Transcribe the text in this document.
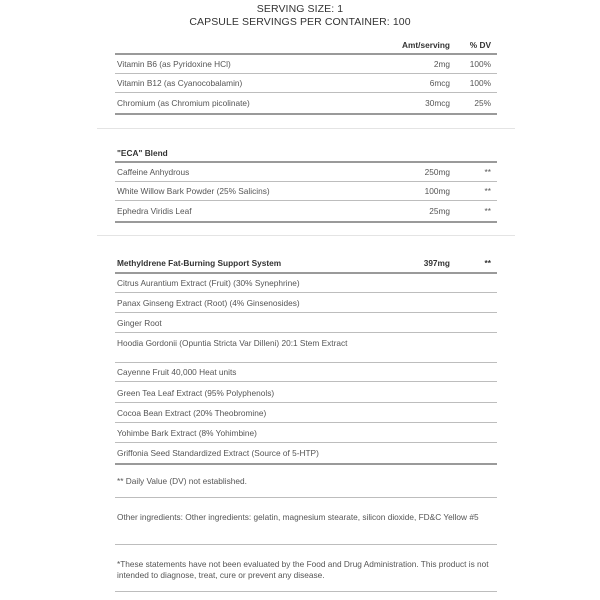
SERVING SIZE: 1
CAPSULE SERVINGS PER CONTAINER: 100
Amt/serving % DV
Vitamin B6 (as Pyridoxine HCl)	2mg 100%
Vitamin B12 (as Cyanocobalamin)	6mcg 100%
Chromium (as Chromium picolinate)	30mcg	25%
"ECA" Blend
Caffeine Anhydrous	250mg	**
White Willow Bark Powder (25% Salicins)	100mg	**
Ephedra Viridis Leaf	25mg	**
Methyldrene Fat-Burning Support System	397mg	**
Citrus Aurantium Extract (Fruit) (30% Synephrine)
Panax Ginseng Extract (Root) (4% Ginsenosides)
Ginger Root
Hoodia Gordonii (Opuntia Stricta Var Dilleni) 20:1 Stem Extract
Cayenne Fruit 40,000 Heat units
Green Tea Leaf Extract (95% Polyphenols)
Cocoa Bean Extract (20% Theobromine)
Yohimbe Bark Extract (8% Yohimbine)
Griffonia Seed Standardized Extract (Source of 5-HTP)
** Daily Value (DV) not established.
Other ingredients: Other ingredients: gelatin, magnesium stearate, silicon dioxide, FD&C Yellow #5
*These statements have not been evaluated by the Food and Drug Administration. This product is not intended to diagnose, treat, cure or prevent any disease.
